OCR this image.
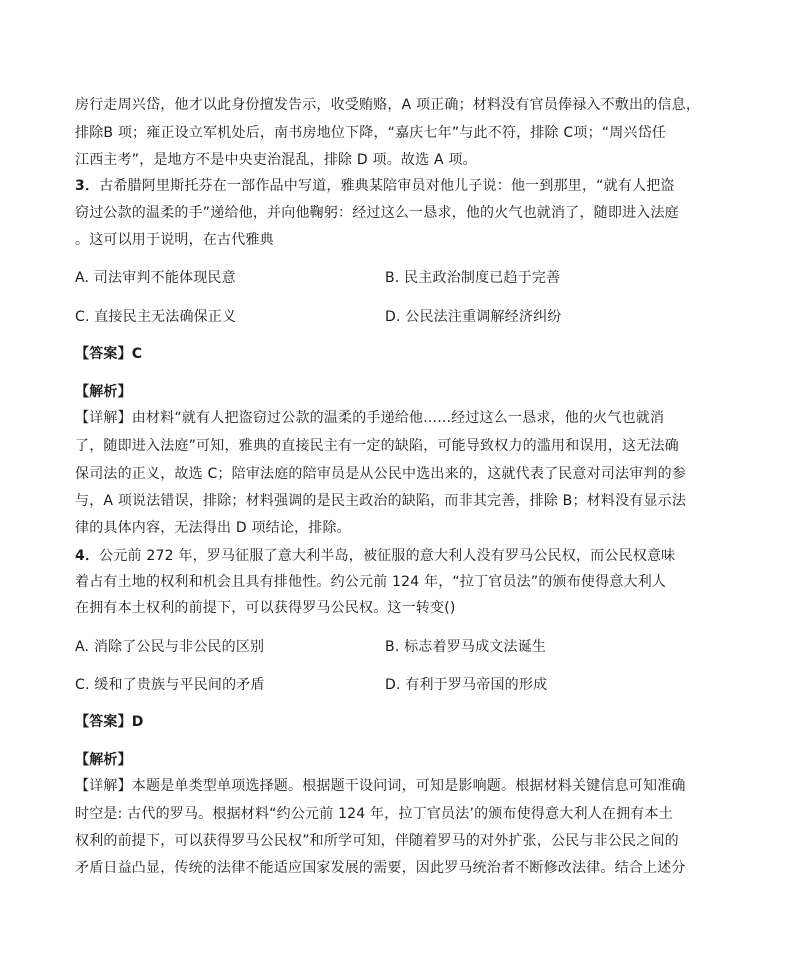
房行走周兴岱，他才以此身份擅发告示，收受贿赂，A 项正确；材料没有官员俸禄入不敷出的信息，
排除B 项；雍正设立军机处后，南书房地位下降，“嘉庆七年”与此不符，排除 C项；“周兴岱任
江西主考”，是地方不是中央吏治混乱，排除 D 项。故选 A 项。
3．古希腊阿里斯托芬在一部作品中写道，雅典某陪审员对他儿子说：他一到那里，“就有人把盗
窃过公款的温柔的手”递给他，并向他鞠躬：经过这么一恳求，他的火气也就消了，随即进入法庭
。这可以用于说明，在古代雅典
A. 司法审判不能体现民意	B. 民主政治制度已趋于完善
C. 直接民主无法确保正义	D. 公民法注重调解经济纠纷
【答案】C
【解析】
【详解】由材料“就有人把盗窃过公款的温柔的手递给他......经过这么一恳求，他的火气也就消
了，随即进入法庭”可知，雅典的直接民主有一定的缺陷，可能导致权力的滥用和误用，这无法确
保司法的正义，故选 C；陪审法庭的陪审员是从公民中选出来的，这就代表了民意对司法审判的参
与，A 项说法错误，排除；材料强调的是民主政治的缺陷，而非其完善，排除 B；材料没有显示法
律的具体内容，无法得出 D 项结论，排除。
4．公元前 272 年，罗马征服了意大利半岛，被征服的意大利人没有罗马公民权，而公民权意味
着占有土地的权利和机会且具有排他性。约公元前 124 年，“拉丁官员法”的颁布使得意大利人
在拥有本土权利的前提下，可以获得罗马公民权。这一转变()
A. 消除了公民与非公民的区别	B. 标志着罗马成文法诞生
C. 缓和了贵族与平民间的矛盾	D. 有利于罗马帝国的形成
【答案】D
【解析】
【详解】本题是单类型单项选择题。根据题干设问词，可知是影响题。根据材料关键信息可知准确
时空是: 古代的罗马。根据材料“约公元前 124 年，拉丁官员法’的颁布使得意大利人在拥有本土
权利的前提下，可以获得罗马公民权”和所学可知，伴随着罗马的对外扩张，公民与非公民之间的
矛盾日益凸显，传统的法律不能适应国家发展的需要，因此罗马统治者不断修改法律。结合上述分
